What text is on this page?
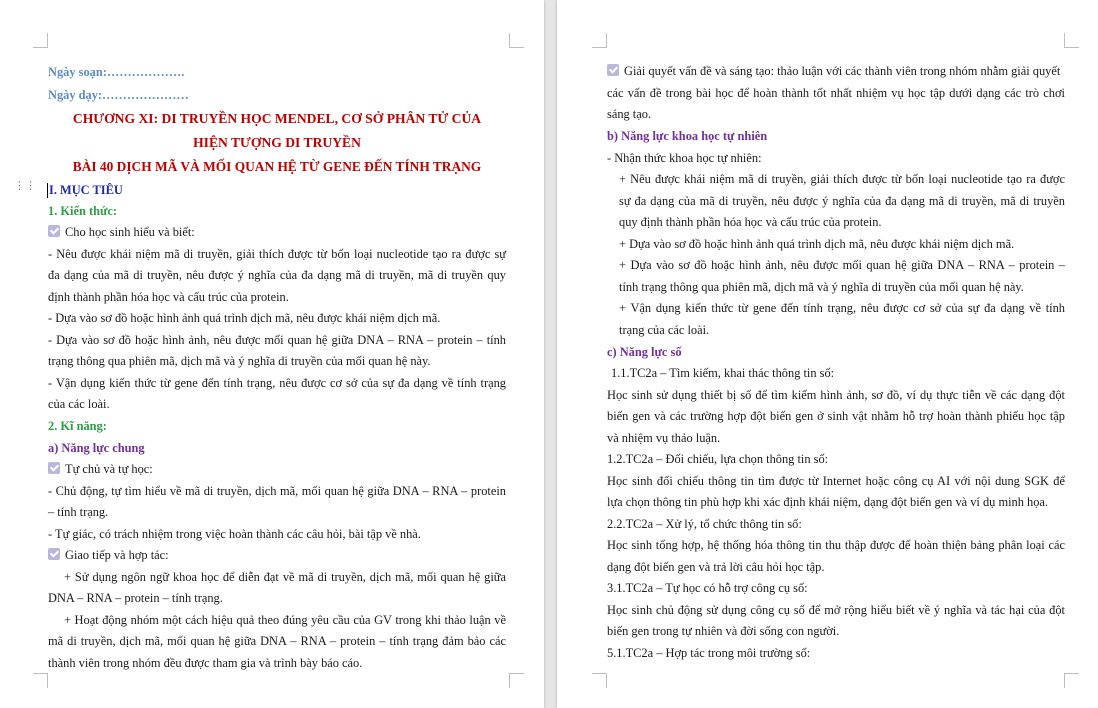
⋮⋮
Ngày soạn:……………….
Ngày dạy:…………………
CHƯƠNG XI: DI TRUYỀN HỌC MENDEL, CƠ SỞ PHÂN TỬ CỦA
HIỆN TƯỢNG DI TRUYỀN
BÀI 40 DỊCH MÃ VÀ MỐI QUAN HỆ TỪ GENE ĐẾN TÍNH TRẠNG
I. MỤC TIÊU
1. Kiến thức:
Cho học sinh hiểu và biết:
- Nêu được khái niệm mã di truyền, giải thích được từ bốn loại nucleotide tạo ra được sự
đa dạng của mã di truyền, nêu được ý nghĩa của đa dạng mã di truyền, mã di truyền quy
định thành phần hóa học và cấu trúc của protein.
- Dựa vào sơ đồ hoặc hình ảnh quá trình dịch mã, nêu được khái niệm dịch mã.
- Dựa vào sơ đồ hoặc hình ảnh, nêu được mối quan hệ giữa DNA – RNA – protein – tính
trạng thông qua phiên mã, dịch mã và ý nghĩa di truyền của mối quan hệ này.
- Vận dụng kiến thức từ gene đến tính trạng, nêu được cơ sở của sự đa dạng về tính trạng
của các loài.
2. Kĩ năng:
a) Năng lực chung
Tự chủ và tự học:
- Chủ động, tự tìm hiểu về mã di truyền, dịch mã, mối quan hệ giữa DNA – RNA – protein
– tính trạng.
- Tự giác, có trách nhiệm trong việc hoàn thành các câu hỏi, bài tập về nhà.
Giao tiếp và hợp tác:
+ Sử dụng ngôn ngữ khoa học để diễn đạt về mã di truyền, dịch mã, mối quan hệ giữa
DNA – RNA – protein – tính trạng.
+ Hoạt động nhóm một cách hiệu quả theo đúng yêu cầu của GV trong khi thảo luận về
mã di truyền, dịch mã, mối quan hệ giữa DNA – RNA – protein – tính trạng đảm bảo các
thành viên trong nhóm đều được tham gia và trình bày báo cáo.
Giải quyết vấn đề và sáng tạo: thảo luận với các thành viên trong nhóm nhằm giải quyết
các vấn đề trong bài học để hoàn thành tốt nhất nhiệm vụ học tập dưới dạng các trò chơi
sáng tạo.
b) Năng lực khoa học tự nhiên
- Nhận thức khoa học tự nhiên:
+ Nêu được khái niệm mã di truyền, giải thích được từ bốn loại nucleotide tạo ra được
sự đa dạng của mã di truyền, nêu được ý nghĩa của đa dạng mã di truyền, mã di truyền
quy định thành phần hóa học và cấu trúc của protein.
+ Dựa vào sơ đồ hoặc hình ảnh quá trình dịch mã, nêu được khái niệm dịch mã.
+ Dựa vào sơ đồ hoặc hình ảnh, nêu được mối quan hệ giữa DNA – RNA – protein –
tính trạng thông qua phiên mã, dịch mã và ý nghĩa di truyền của mối quan hệ này.
+ Vận dụng kiến thức từ gene đến tính trạng, nêu được cơ sở của sự đa dạng về tính
trạng của các loài.
c) Năng lực số
1.1.TC2a – Tìm kiếm, khai thác thông tin số:
Học sinh sử dụng thiết bị số để tìm kiếm hình ảnh, sơ đồ, ví dụ thực tiễn về các dạng đột
biến gen và các trường hợp đột biến gen ở sinh vật nhằm hỗ trợ hoàn thành phiếu học tập
và nhiệm vụ thảo luận.
1.2.TC2a – Đối chiếu, lựa chọn thông tin số:
Học sinh đối chiếu thông tin tìm được từ Internet hoặc công cụ AI với nội dung SGK để
lựa chọn thông tin phù hợp khi xác định khái niệm, dạng đột biến gen và ví dụ minh họa.
2.2.TC2a – Xử lý, tổ chức thông tin số:
Học sinh tổng hợp, hệ thống hóa thông tin thu thập được để hoàn thiện bảng phân loại các
dạng đột biến gen và trả lời câu hỏi học tập.
3.1.TC2a – Tự học có hỗ trợ công cụ số:
Học sinh chủ động sử dụng công cụ số để mở rộng hiểu biết về ý nghĩa và tác hại của đột
biến gen trong tự nhiên và đời sống con người.
5.1.TC2a – Hợp tác trong môi trường số:
